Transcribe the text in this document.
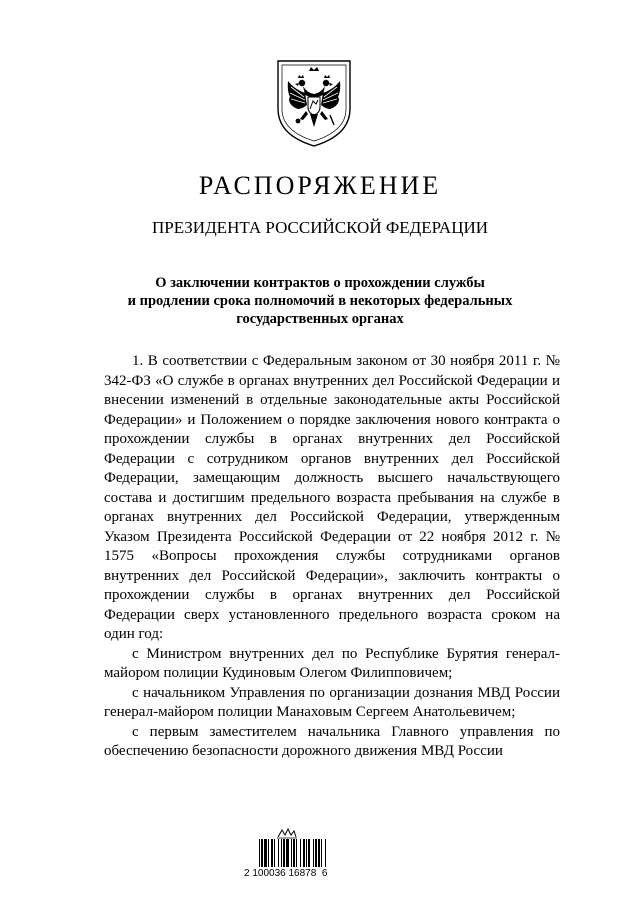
РАСПОРЯЖЕНИЕ
ПРЕЗИДЕНТА РОССИЙСКОЙ ФЕДЕРАЦИИ
О заключении контрактов о прохождении службы
и продлении срока полномочий в некоторых федеральных
государственных органах

1. В соответствии с Федеральным законом от 30 ноября 2011 г. № 342-ФЗ «О службе в органах внутренних дел Российской Федерации и внесении изменений в отдельные законодательные акты Российской Федерации» и Положением о порядке заключения нового контракта о прохождении службы в органах внутренних дел Российской Федерации с сотрудником органов внутренних дел Российской Федерации, замещающим должность высшего начальствующего состава и достигшим предельного возраста пребывания на службе в органах внутренних дел Российской Федерации, утвержденным Указом Президента Российской Федерации от 22 ноября 2012 г. № 1575 «Вопросы прохождения службы сотрудниками органов внутренних дел Российской Федерации», заключить контракты о прохождении службы в органах внутренних дел Российской Федерации сверх установленного предельного возраста сроком на один год:

с Министром внутренних дел по Республике Бурятия генерал-майором полиции Кудиновым Олегом Филипповичем;

с начальником Управления по организации дознания МВД России генерал-майором полиции Манаховым Сергеем Анатольевичем;

с первым заместителем начальника Главного управления по обеспечению безопасности дорожного движения МВД России

2 100036 16878  6
